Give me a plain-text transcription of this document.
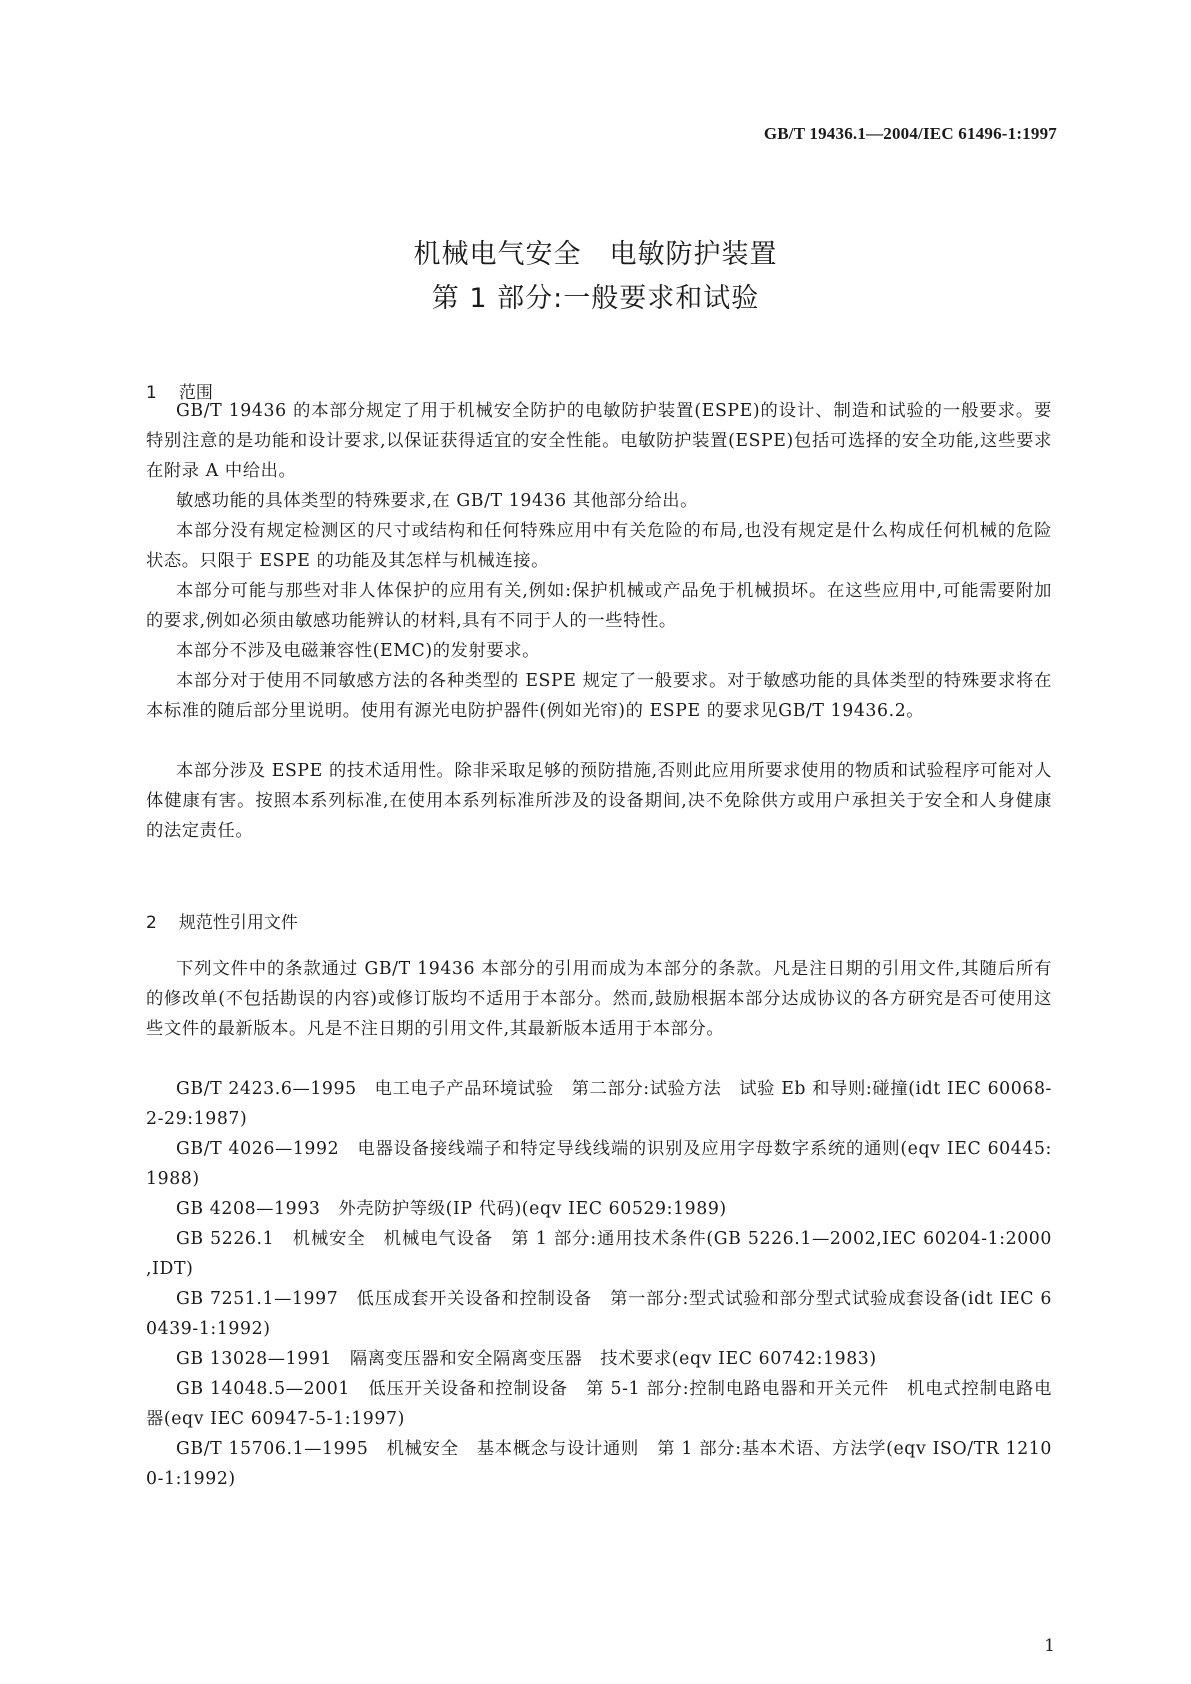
GB/T 19436.1—2004/IEC 61496-1:1997
机械电气安全　电敏防护装置
第 1 部分:一般要求和试验
1 范围

GB/T 19436 的本部分规定了用于机械安全防护的电敏防护装置(ESPE)的设计、制造和试验的一般要求。要特别注意的是功能和设计要求,以保证获得适宜的安全性能。电敏防护装置(ESPE)包括可选择的安全功能,这些要求在附录 A 中给出。

敏感功能的具体类型的特殊要求,在 GB/T 19436 其他部分给出。

本部分没有规定检测区的尺寸或结构和任何特殊应用中有关危险的布局,也没有规定是什么构成任何机械的危险状态。只限于 ESPE 的功能及其怎样与机械连接。

本部分可能与那些对非人体保护的应用有关,例如:保护机械或产品免于机械损坏。在这些应用中,可能需要附加的要求,例如必须由敏感功能辨认的材料,具有不同于人的一些特性。

本部分不涉及电磁兼容性(EMC)的发射要求。

本部分对于使用不同敏感方法的各种类型的 ESPE 规定了一般要求。对于敏感功能的具体类型的特殊要求将在本标准的随后部分里说明。使用有源光电防护器件(例如光帘)的 ESPE 的要求见GB/T 19436.2。

本部分涉及 ESPE 的技术适用性。除非采取足够的预防措施,否则此应用所要求使用的物质和试验程序可能对人体健康有害。按照本系列标准,在使用本系列标准所涉及的设备期间,决不免除供方或用户承担关于安全和人身健康的法定责任。

2 规范性引用文件

下列文件中的条款通过 GB/T 19436 本部分的引用而成为本部分的条款。凡是注日期的引用文件,其随后所有的修改单(不包括勘误的内容)或修订版均不适用于本部分。然而,鼓励根据本部分达成协议的各方研究是否可使用这些文件的最新版本。凡是不注日期的引用文件,其最新版本适用于本部分。

GB/T 2423.6—1995　电工电子产品环境试验　第二部分:试验方法　试验 Eb 和导则:碰撞(idt IEC 60068-2-29:1987)

GB/T 4026—1992　电器设备接线端子和特定导线线端的识别及应用字母数字系统的通则(eqv IEC 60445:1988)

GB 4208—1993　外壳防护等级(IP 代码)(eqv IEC 60529:1989)

GB 5226.1　机械安全　机械电气设备　第 1 部分:通用技术条件(GB 5226.1—2002,IEC 60204-1:2000 ,IDT)

GB 7251.1—1997　低压成套开关设备和控制设备　第一部分:型式试验和部分型式试验成套设备(idt IEC 60439-1:1992)

GB 13028—1991　隔离变压器和安全隔离变压器　技术要求(eqv IEC 60742:1983)

GB 14048.5—2001　低压开关设备和控制设备　第 5-1 部分:控制电路电器和开关元件　机电式控制电路电器(eqv IEC 60947-5-1:1997)

GB/T 15706.1—1995　机械安全　基本概念与设计通则　第 1 部分:基本术语、方法学(eqv ISO/TR 12100-1:1992)

1
